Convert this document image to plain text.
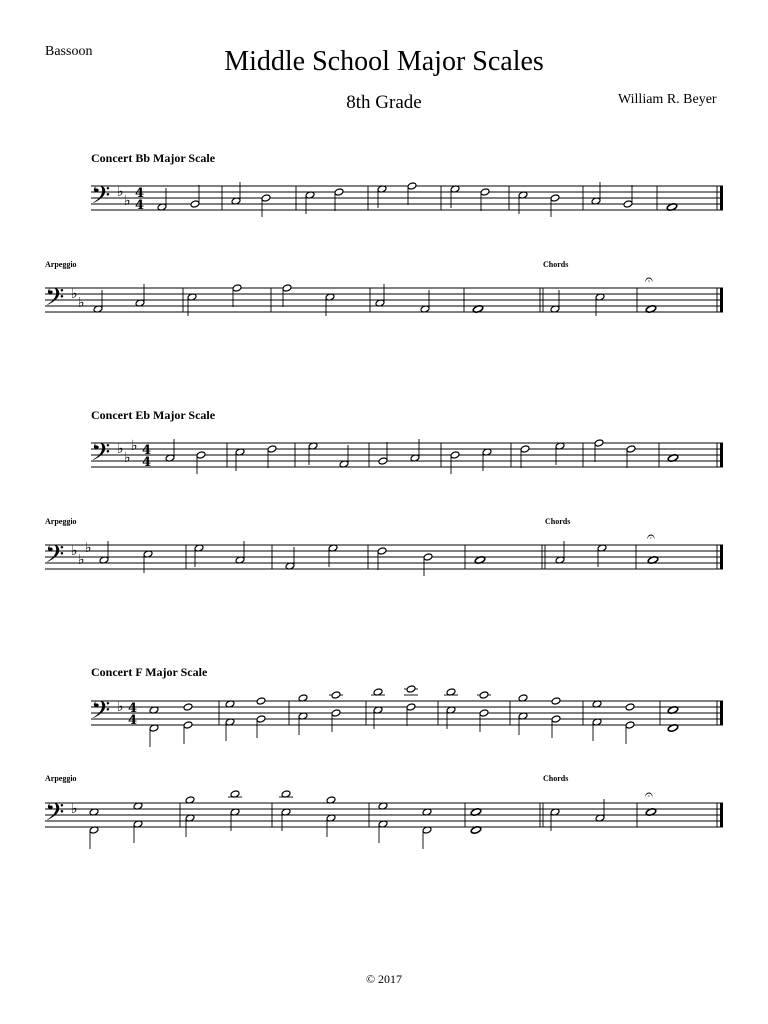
Bassoon	Middle School Major Scales
8th Grade	William R. Beyer
Concert Bb Major Scale
𝄢 ♭
♭ 4
4
Arpeggio	Chords
𝄢 ♭
♭
𝄐
Concert Eb Major Scale
𝄢 ♭
♭
♭ 4
4
Arpeggio	Chords
𝄢 ♭
♭
♭
𝄐
Concert F Major Scale
𝄢 ♭ 4
4
Arpeggio	Chords
𝄢 ♭
𝄐
© 2017
